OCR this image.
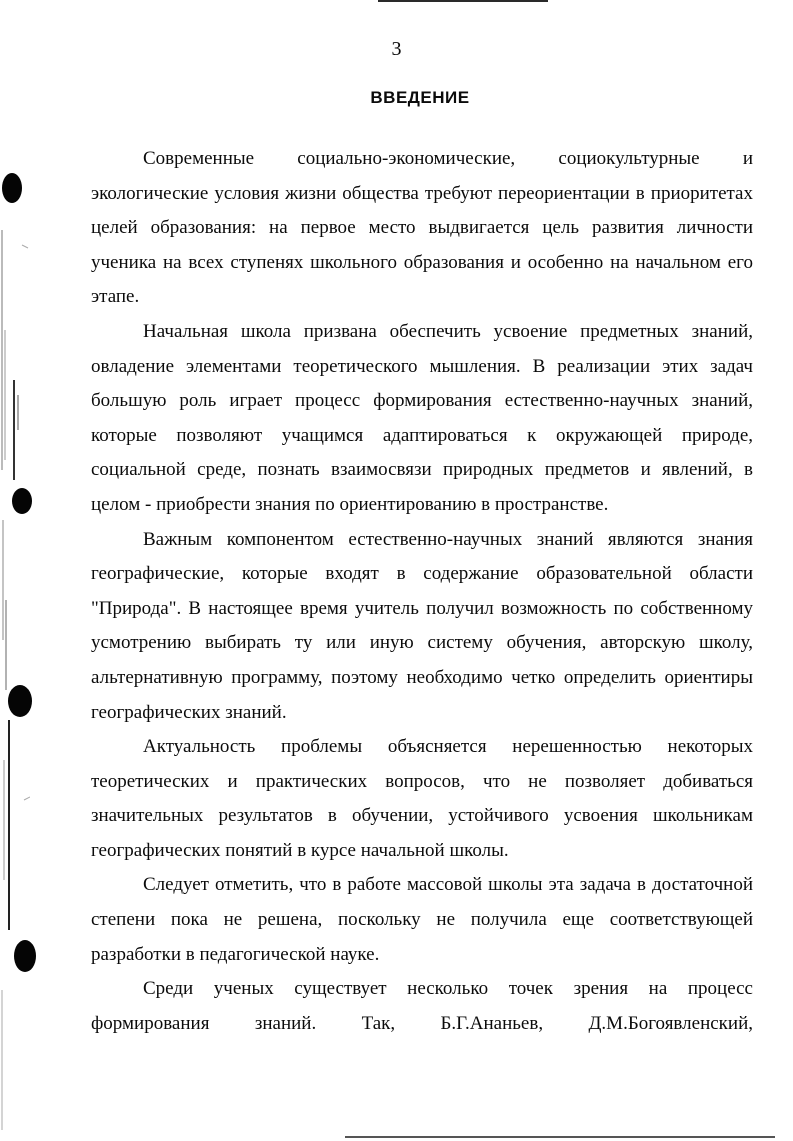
3
ВВЕДЕНИЕ

Современные социально-экономические, социокультурные и экологические условия жизни общества требуют переориентации в приоритетах целей образования: на первое место выдвигается цель развития личности ученика на всех ступенях школьного образования и особенно на начальном его этапе.

Начальная школа призвана обеспечить усвоение предметных знаний, овладение элементами теоретического мышления. В реализации этих задач большую роль играет процесс формирования естественно-научных знаний, которые позволяют учащимся адаптироваться к окружающей природе, социальной среде, познать взаимосвязи природных предметов и явлений, в целом - приобрести знания по ориентированию в пространстве.

Важным компонентом естественно-научных знаний являются знания географические, которые входят в содержание образовательной области "Природа". В настоящее время учитель получил возможность по собственному усмотрению выбирать ту или иную систему обучения, авторскую школу, альтернативную программу, поэтому необходимо четко определить ориентиры географических знаний.

Актуальность проблемы объясняется нерешенностью некоторых теоретических и практических вопросов, что не позволяет добиваться значительных результатов в обучении, устойчивого усвоения школьникам географических понятий в курсе начальной школы.

Следует отметить, что в работе массовой школы эта задача в достаточной степени пока не решена, поскольку не получила еще соответствующей разработки в педагогической науке.

Среди ученых существует несколько точек зрения на процесс формирования знаний. Так, Б.Г.Ананьев, Д.М.Богоявленский,
